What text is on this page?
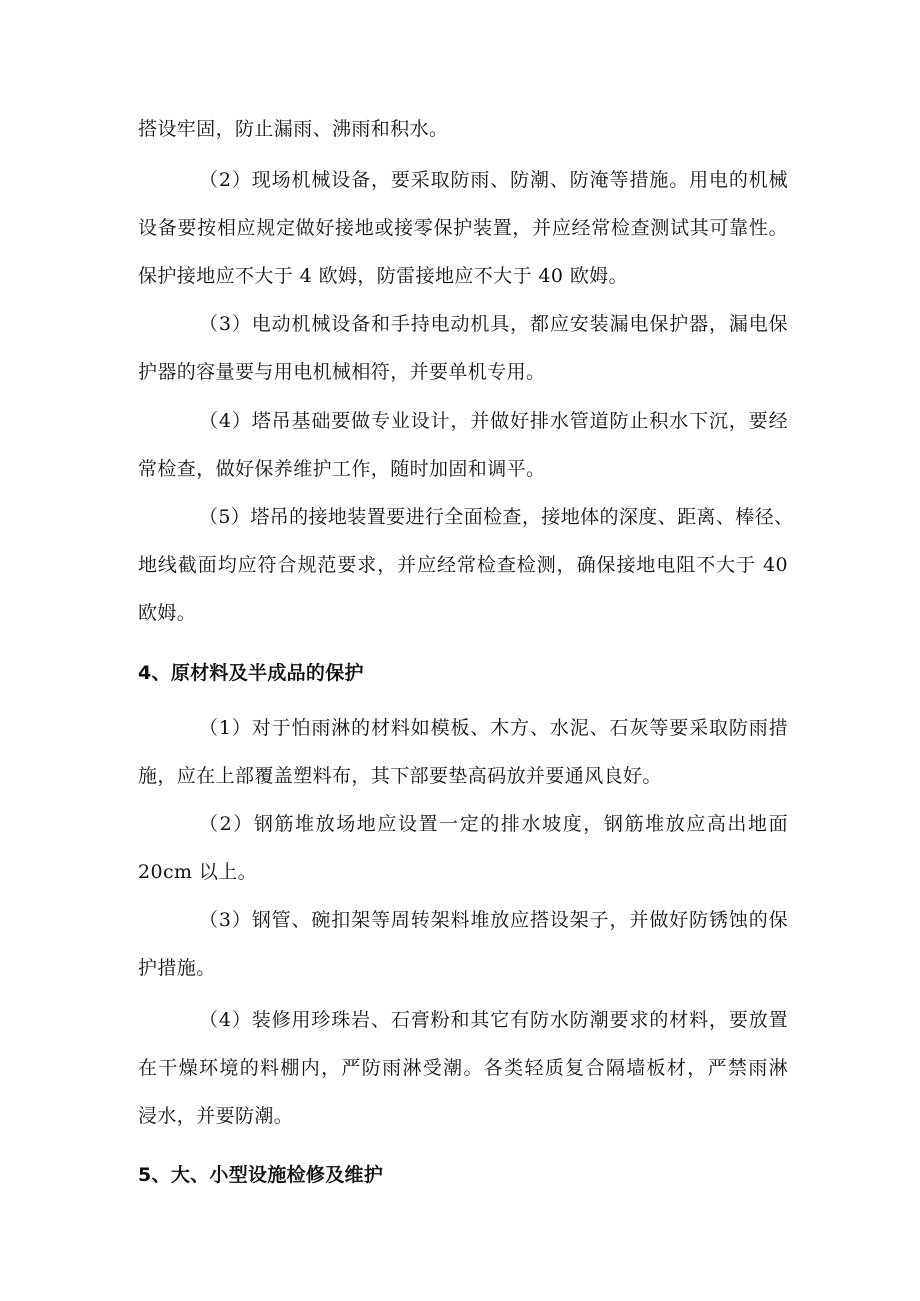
搭设牢固，防止漏雨、沸雨和积水。
（2）现场机械设备，要采取防雨、防潮、防淹等措施。用电的机械
设备要按相应规定做好接地或接零保护装置，并应经常检查测试其可靠性。
保护接地应不大于 4 欧姆，防雷接地应不大于 40 欧姆。
（3）电动机械设备和手持电动机具，都应安装漏电保护器，漏电保
护器的容量要与用电机械相符，并要单机专用。
（4）塔吊基础要做专业设计，并做好排水管道防止积水下沉，要经
常检查，做好保养维护工作，随时加固和调平。
（5）塔吊的接地装置要进行全面检查，接地体的深度、距离、棒径、
地线截面均应符合规范要求，并应经常检查检测，确保接地电阻不大于 40
欧姆。
4、原材料及半成品的保护
（1）对于怕雨淋的材料如模板、木方、水泥、石灰等要采取防雨措
施，应在上部覆盖塑料布，其下部要垫高码放并要通风良好。
（2）钢筋堆放场地应设置一定的排水坡度，钢筋堆放应高出地面
20cm 以上。
（3）钢管、碗扣架等周转架料堆放应搭设架子，并做好防锈蚀的保
护措施。
（4）装修用珍珠岩、石膏粉和其它有防水防潮要求的材料，要放置
在干燥环境的料棚内，严防雨淋受潮。各类轻质复合隔墙板材，严禁雨淋
浸水，并要防潮。
5、大、小型设施检修及维护
